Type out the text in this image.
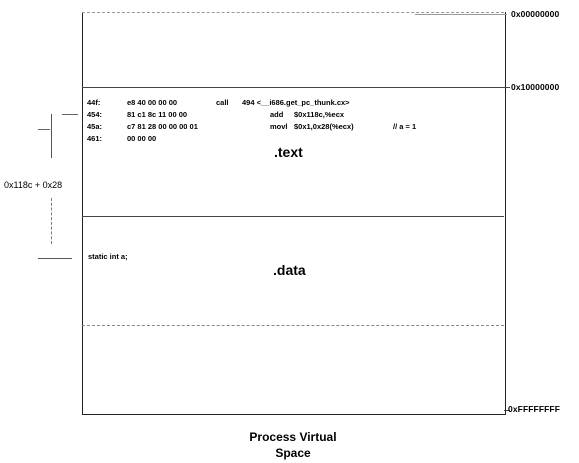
0x00000000
0x10000000
0xFFFFFFFF
44f:	e8 40 00 00 00	call 494 <__i686.get_pc_thunk.cx>
454:	81 c1 8c 11 00 00	add $0x118c,%ecx
45a:	c7 81 28 00 00 00 01	movl $0x1,0x28(%ecx)	// a = 1
461:	00 00 00
.text
.data
static int a;
0x118c + 0x28
Process Virtual
Space
